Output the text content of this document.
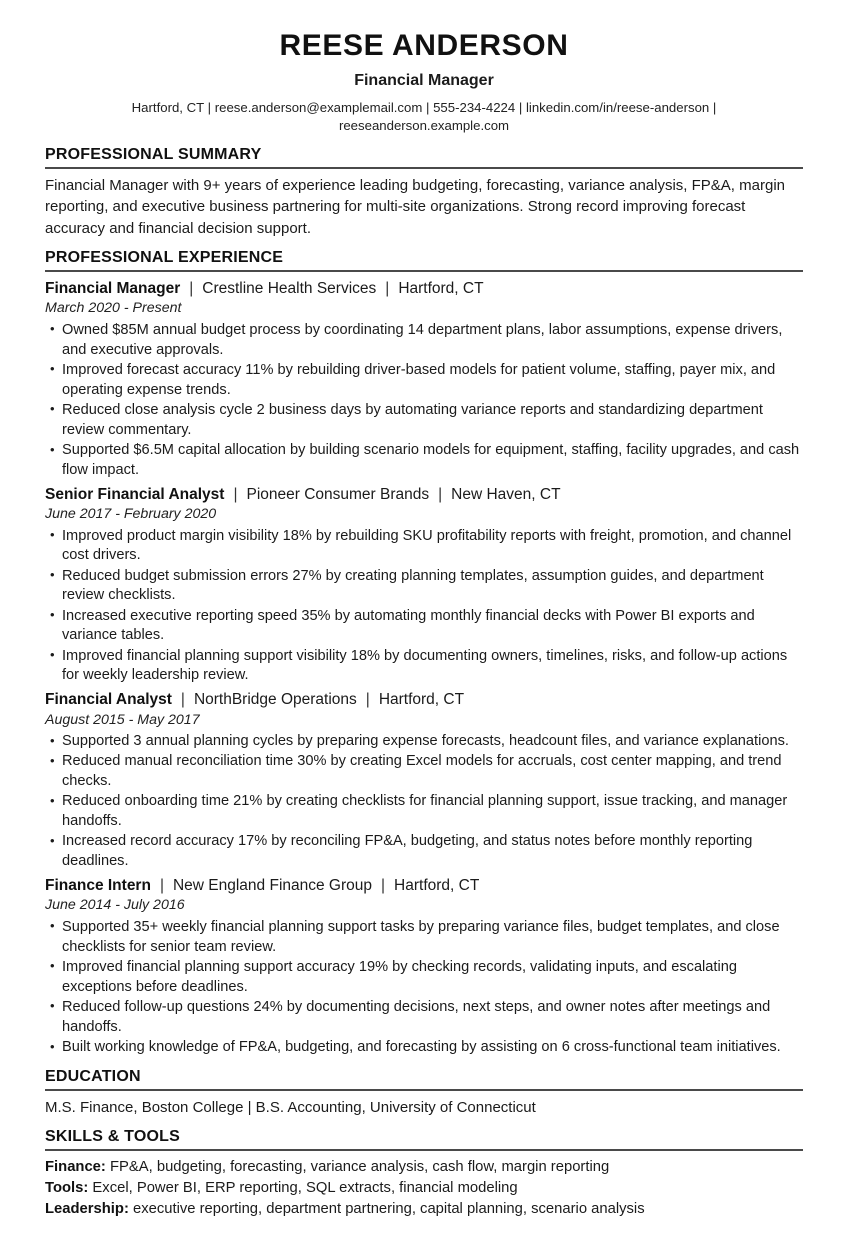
REESE ANDERSON
Financial Manager
Hartford, CT | reese.anderson@examplemail.com | 555-234-4224 | linkedin.com/in/reese-anderson | reeseanderson.example.com
PROFESSIONAL SUMMARY

Financial Manager with 9+ years of experience leading budgeting, forecasting, variance analysis, FP&A, margin reporting, and executive business partnering for multi-site organizations. Strong record improving forecast accuracy and financial decision support.

PROFESSIONAL EXPERIENCE
Financial Manager | Crestline Health Services | Hartford, CT
March 2020 - Present
• Owned $85M annual budget process by coordinating 14 department plans, labor assumptions, expense drivers, and executive approvals.
• Improved forecast accuracy 11% by rebuilding driver-based models for patient volume, staffing, payer mix, and operating expense trends.
• Reduced close analysis cycle 2 business days by automating variance reports and standardizing department review commentary.
• Supported $6.5M capital allocation by building scenario models for equipment, staffing, facility upgrades, and cash flow impact.
Senior Financial Analyst | Pioneer Consumer Brands | New Haven, CT
June 2017 - February 2020
• Improved product margin visibility 18% by rebuilding SKU profitability reports with freight, promotion, and channel cost drivers.
• Reduced budget submission errors 27% by creating planning templates, assumption guides, and department review checklists.
• Increased executive reporting speed 35% by automating monthly financial decks with Power BI exports and variance tables.
• Improved financial planning support visibility 18% by documenting owners, timelines, risks, and follow-up actions for weekly leadership review.
Financial Analyst | NorthBridge Operations | Hartford, CT
August 2015 - May 2017
• Supported 3 annual planning cycles by preparing expense forecasts, headcount files, and variance explanations.
• Reduced manual reconciliation time 30% by creating Excel models for accruals, cost center mapping, and trend checks.
• Reduced onboarding time 21% by creating checklists for financial planning support, issue tracking, and manager handoffs.
• Increased record accuracy 17% by reconciling FP&A, budgeting, and status notes before monthly reporting deadlines.
Finance Intern | New England Finance Group | Hartford, CT
June 2014 - July 2016
• Supported 35+ weekly financial planning support tasks by preparing variance files, budget templates, and close checklists for senior team review.
• Improved financial planning support accuracy 19% by checking records, validating inputs, and escalating exceptions before deadlines.
• Reduced follow-up questions 24% by documenting decisions, next steps, and owner notes after meetings and handoffs.
• Built working knowledge of FP&A, budgeting, and forecasting by assisting on 6 cross-functional team initiatives.
EDUCATION

M.S. Finance, Boston College | B.S. Accounting, University of Connecticut

SKILLS & TOOLS

Finance: FP&A, budgeting, forecasting, variance analysis, cash flow, margin reporting

Tools: Excel, Power BI, ERP reporting, SQL extracts, financial modeling

Leadership: executive reporting, department partnering, capital planning, scenario analysis
